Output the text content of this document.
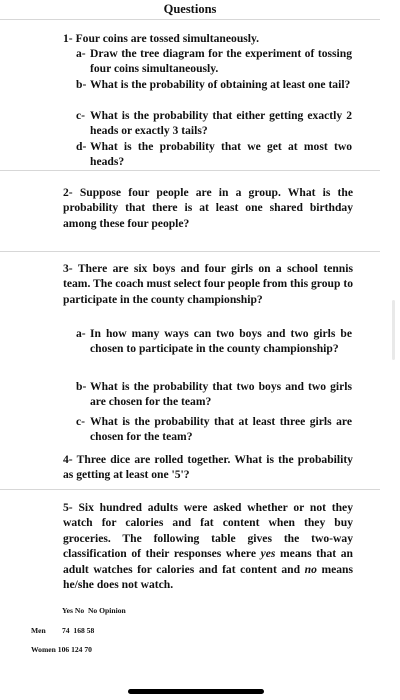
Questions
1- Four coins are tossed simultaneously.
a- Draw the tree diagram for the experiment of tossing four coins simultaneously.
b- What is the probability of obtaining at least one tail?
c- What is the probability that either getting exactly 2 heads or exactly 3 tails?
d- What is the probability that we get at most two heads?
2- Suppose four people are in a group. What is the probability that there is at least one shared birthday among these four people?
3- There are six boys and four girls on a school tennis team. The coach must select four people from this group to participate in the county championship?
a- In how many ways can two boys and two girls be chosen to participate in the county championship?
b- What is the probability that two boys and two girls are chosen for the team?
c- What is the probability that at least three girls are chosen for the team?
4- Three dice are rolled together. What is the probability as getting at least one '5'?
5- Six hundred adults were asked whether or not they watch for calories and fat content when they buy groceries. The following table gives the two-way classification of their responses where yes means that an adult watches for calories and fat content and no means he/she does not watch.
Yes No  No Opinion
Men 74  168 58
Women 106 124 70
